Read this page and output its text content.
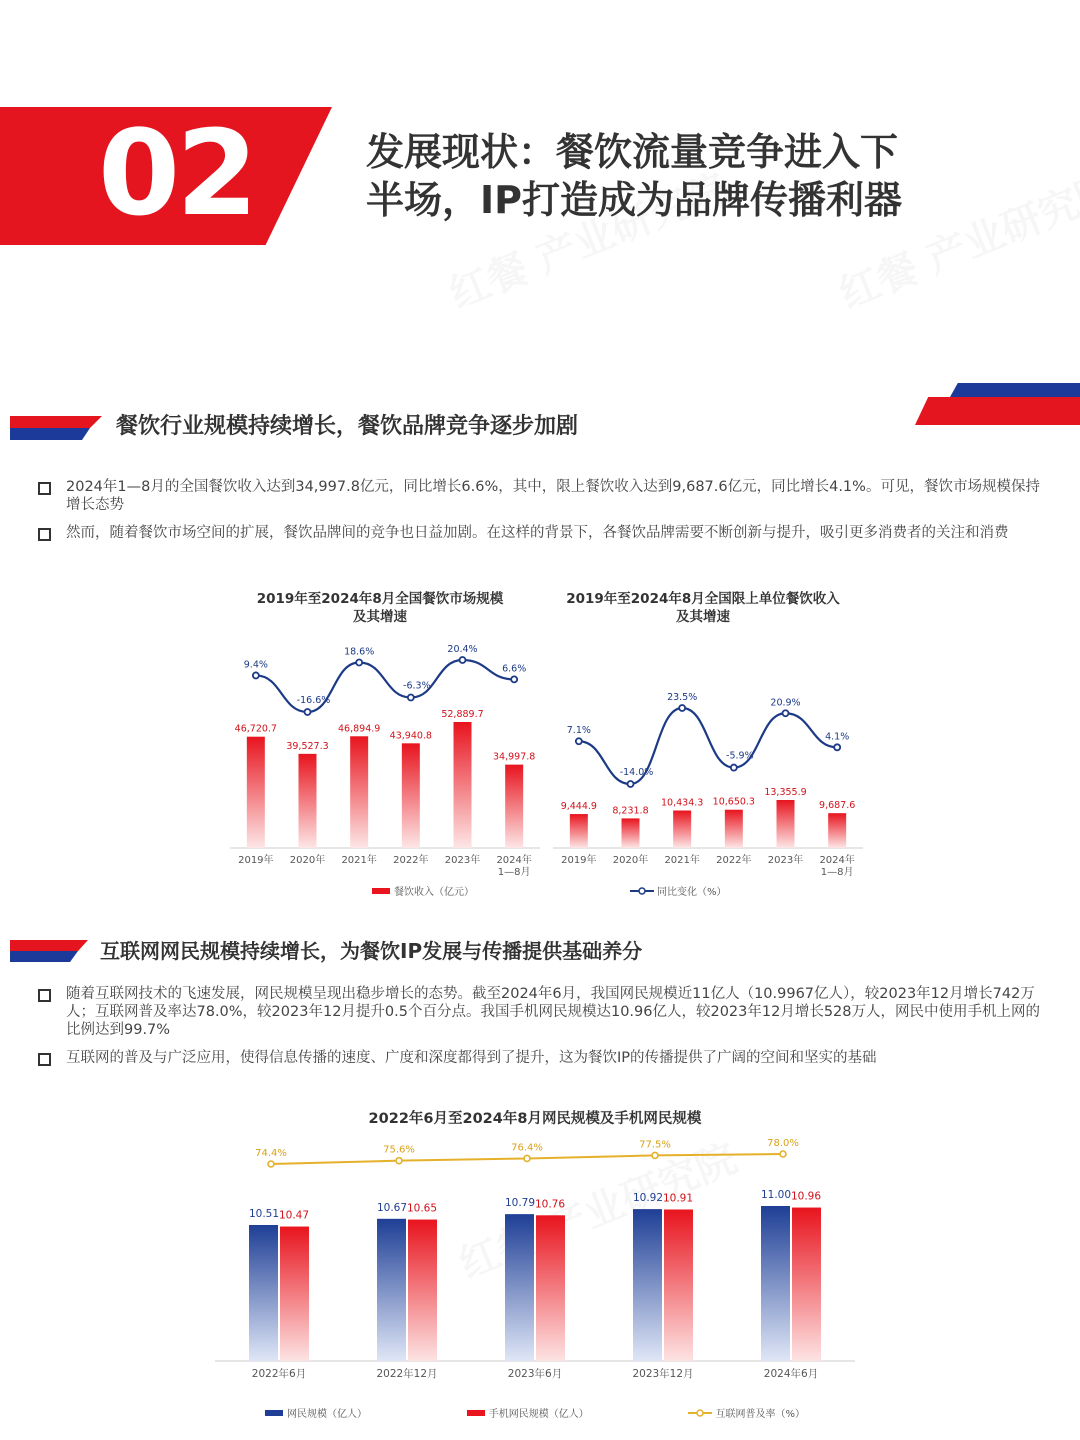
02	发展现状：餐饮流量竞争进入下
半场，IP打造成为品牌传播利器
餐饮行业规模持续增长，餐饮品牌竞争逐步加剧
2024年1—8月的全国餐饮收入达到34,997.8亿元，同比增长6.6%，其中，限上餐饮收入达到9,687.6亿元，同比增长4.1%。可见，餐饮市场规模保持增长态势
然而，随着餐饮市场空间的扩展，餐饮品牌间的竞争也日益加剧。在这样的背景下，各餐饮品牌需要不断创新与提升，吸引更多消费者的关注和消费
2019年至2024年8月全国餐饮市场规模
及其增速
46,720.7
2019年
39,527.3
2020年
46,894.9
2021年
43,940.8
2022年
52,889.7
2023年
34,997.8
2024年
1—8月
9.4%
-16.6%
18.6%
-6.3%
20.4%
6.6%
餐饮收入（亿元）
2019年至2024年8月全国限上单位餐饮收入
及其增速
9,444.9
2019年
8,231.8
2020年
10,434.3
2021年
10,650.3
2022年
13,355.9
2023年
9,687.6
2024年
1—8月
7.1%
-14.0%
23.5%
-5.9%
20.9%
4.1%
同比变化（%）
互联网网民规模持续增长，为餐饮IP发展与传播提供基础养分
随着互联网技术的飞速发展，网民规模呈现出稳步增长的态势。截至2024年6月，我国网民规模近11亿人（10.9967亿人），较2023年12月增长742万人；互联网普及率达78.0%，较2023年12月提升0.5个百分点。我国手机网民规模达10.96亿人，较2023年12月增长528万人，网民中使用手机上网的比例达到99.7%
互联网的普及与广泛应用，使得信息传播的速度、广度和深度都得到了提升，这为餐饮IP的传播提供了广阔的空间和坚实的基础
2022年6月至2024年8月网民规模及手机网民规模
10.51 10.47
2022年6月
10.67 10.65
2022年12月
10.79 10.76
2023年6月
10.92 10.91
2023年12月
11.00 10.96
2024年6月
74.4%	75.6%	76.4%	77.5%	78.0%
网民规模（亿人）	手机网民规模（亿人）	互联网普及率（%）
